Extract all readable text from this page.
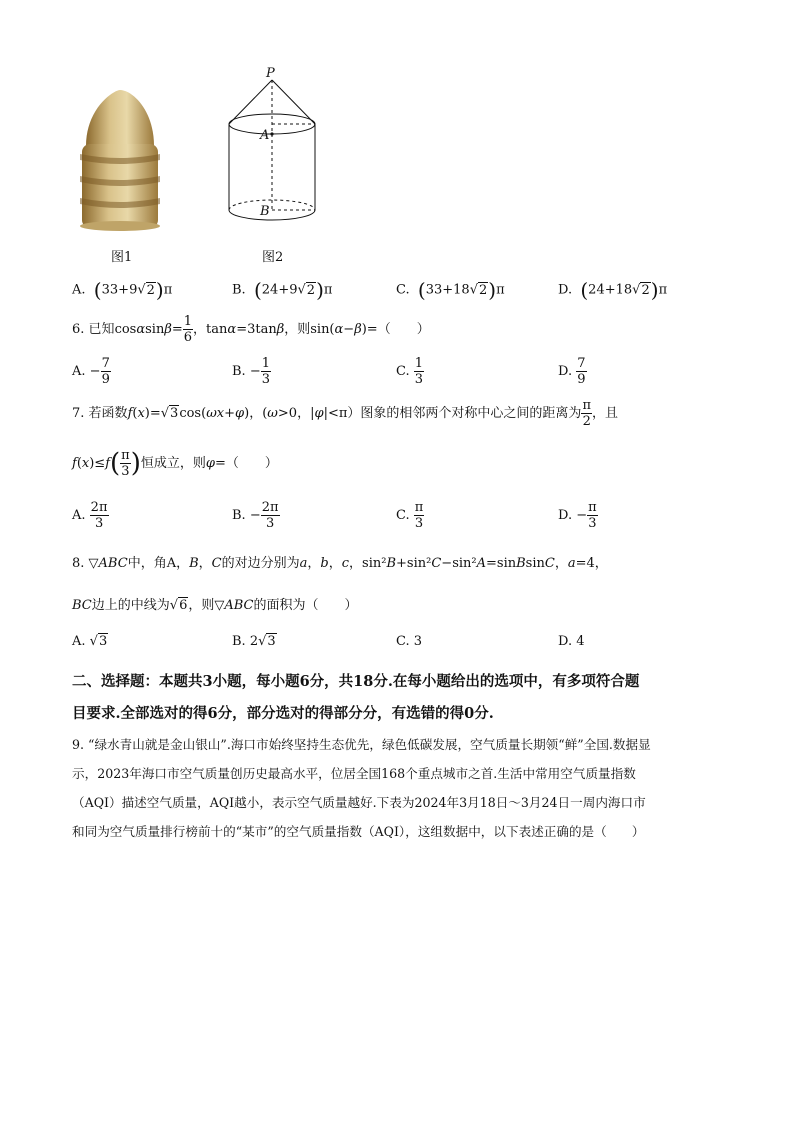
图1
P
A
B
图2
A. (33+9√2)π	B. (24+9√2)π	C. (33+18√2)π	D. (24+18√2)π
6. 已知$\cos\alpha\sin\beta= \frac{1}{6}$ ，tanα=3tanβ，则sin(α−β)=（　　）
A. − $\frac{7}{9}$	B. − $\frac{1}{3}$	C. $\frac{1}{3}$	D. $\frac{7}{9}$
7. 若函数f(x)=√3cos(ωx+φ)，(ω>0，|φ|<π）图象的相邻两个对称中心之间的距离为 $\frac{\pi}{2}$ ，且
$f(x)\le f( \frac{\pi}{3}$ )恒成立，则φ=（　　）
A. $\frac{2\pi}{3}$	B. − $\frac{2\pi}{3}$	C. $\frac{\pi}{3}$	D. − $\frac{\pi}{3}$
8. ▽ABC中，角A，B，C的对边分别为a，b，c，sin²B+sin²C−sin²A=sinBsinC，a=4，
BC边上的中线为√6，则▽ABC的面积为（　　）
A. √3	B. 2√3	C. 3	D. 4
二、选择题：本题共3小题，每小题6分，共18分.在每小题给出的选项中，有多项符合题
目要求.全部选对的得6分，部分选对的得部分分，有选错的得0分.
9. “绿水青山就是金山银山”.海口市始终坚持生态优先，绿色低碳发展，空气质量长期领“鲜”全国.数据显
示，2023年海口市空气质量创历史最高水平，位居全国168个重点城市之首.生活中常用空气质量指数
（AQI）描述空气质量，AQI越小，表示空气质量越好.下表为2024年3月18日～3月24日一周内海口市
和同为空气质量排行榜前十的“某市”的空气质量指数（AQI），这组数据中，以下表述正确的是（　　）
